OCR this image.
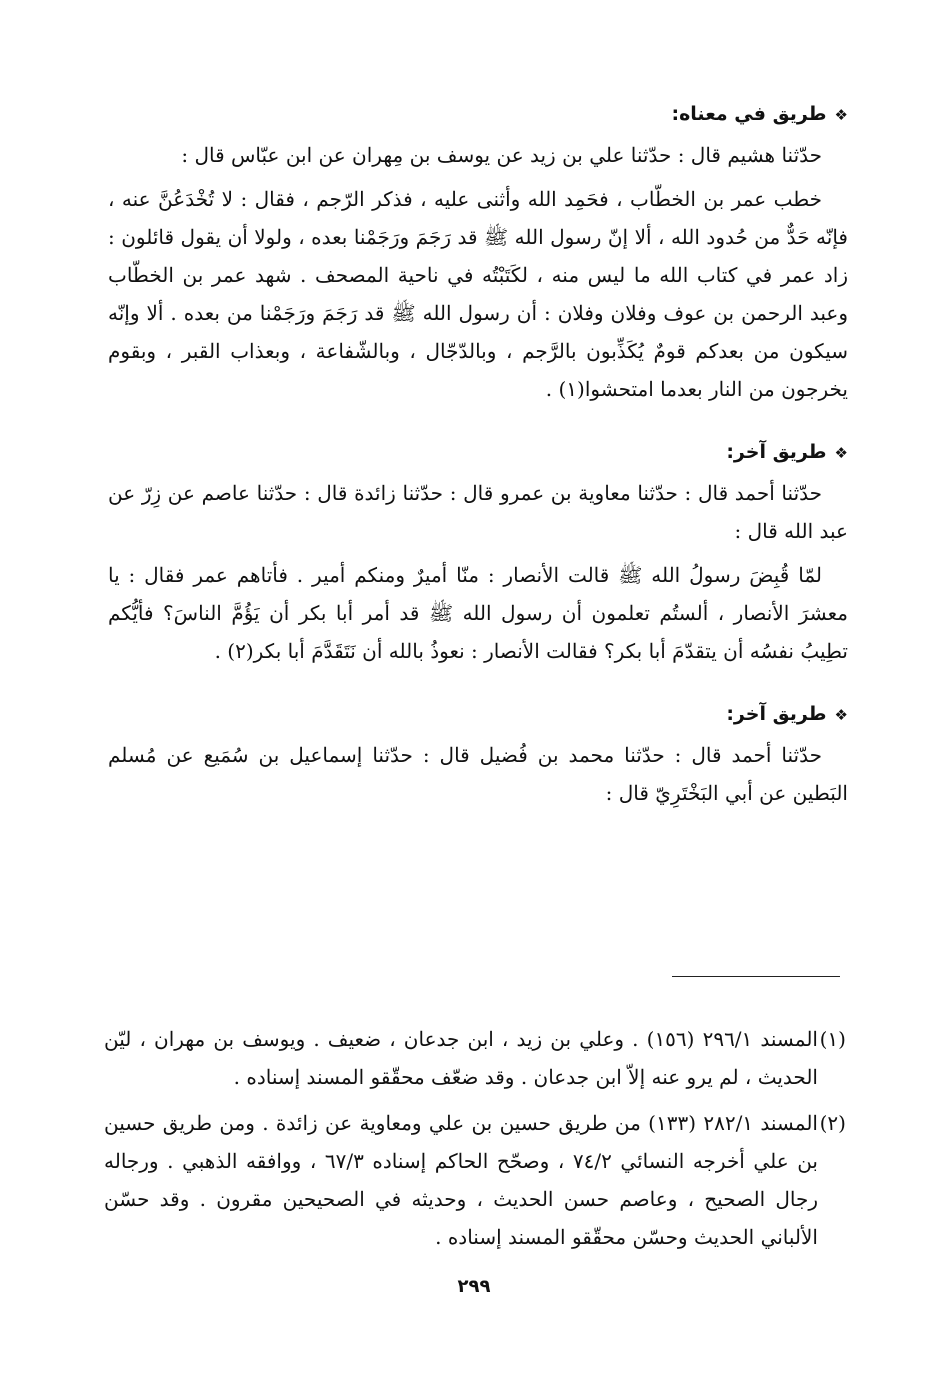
❖طريق في معناه:

حدّثنا هشيم قال : حدّثنا علي بن زيد عن يوسف بن مِهران عن ابن عبّاس قال :

خطب عمر بن الخطّاب ، فحَمِد الله وأثنى عليه ، فذكر الرّجم ، فقال : لا تُخْدَعُنَّ عنه ، فإنّه حَدٌّ من حُدود الله ، ألا إنّ رسول الله ﷺ قد رَجَمَ ورَجَمْنا بعده ، ولولا أن يقول قائلون : زاد عمر في كتاب الله ما ليس منه ، لكَتَبْتُه في ناحية المصحف . شهد عمر بن الخطّاب وعبد الرحمن بن عوف وفلان وفلان : أن رسول الله ﷺ قد رَجَمَ ورَجَمْنا من بعده . ألا وإنّه سيكون من بعدكم قومٌ يُكَذِّبون بالرَّجم ، وبالدّجّال ، وبالشّفاعة ، وبعذاب القبر ، وبقوم يخرجون من النار بعدما امتحشوا(١) .

❖طريق آخر:

حدّثنا أحمد قال : حدّثنا معاوية بن عمرو قال : حدّثنا زائدة قال : حدّثنا عاصم عن زِرّ عن عبد الله قال :

لمّا قُبِضَ رسولُ الله ﷺ قالت الأنصار : منّا أميرٌ ومنكم أمير . فأتاهم عمر فقال : يا معشرَ الأنصار ، ألستُم تعلمون أن رسول الله ﷺ قد أمر أبا بكر أن يَؤُمَّ الناسَ؟ فأيُّكم تطِيبُ نفسُه أن يتقدّمَ أبا بكر؟ فقالت الأنصار : نعوذُ بالله أن نَتَقَدَّمَ أبا بكر(٢) .

❖طريق آخر:

حدّثنا أحمد قال : حدّثنا محمد بن فُضيل قال : حدّثنا إسماعيل بن سُمَيع عن مُسلم البَطين عن أبي البَخْتَرِيّ قال :

(١)المسند ٢٩٦/١ (١٥٦) . وعلي بن زيد ، ابن جدعان ، ضعيف . ويوسف بن مهران ، ليّن الحديث ، لم يرو عنه إلاّ ابن جدعان . وقد ضعّف محقّقو المسند إسناده .

(٢)المسند ٢٨٢/١ (١٣٣) من طريق حسين بن علي ومعاوية عن زائدة . ومن طريق حسين بن علي أخرجه النسائي ٧٤/٢ ، وصحّح الحاكم إسناده ٦٧/٣ ، ووافقه الذهبي . ورجاله رجال الصحيح ، وعاصم حسن الحديث ، وحديثه في الصحيحين مقرون . وقد حسّن الألباني الحديث وحسّن محقّقو المسند إسناده .

٢٩٩
